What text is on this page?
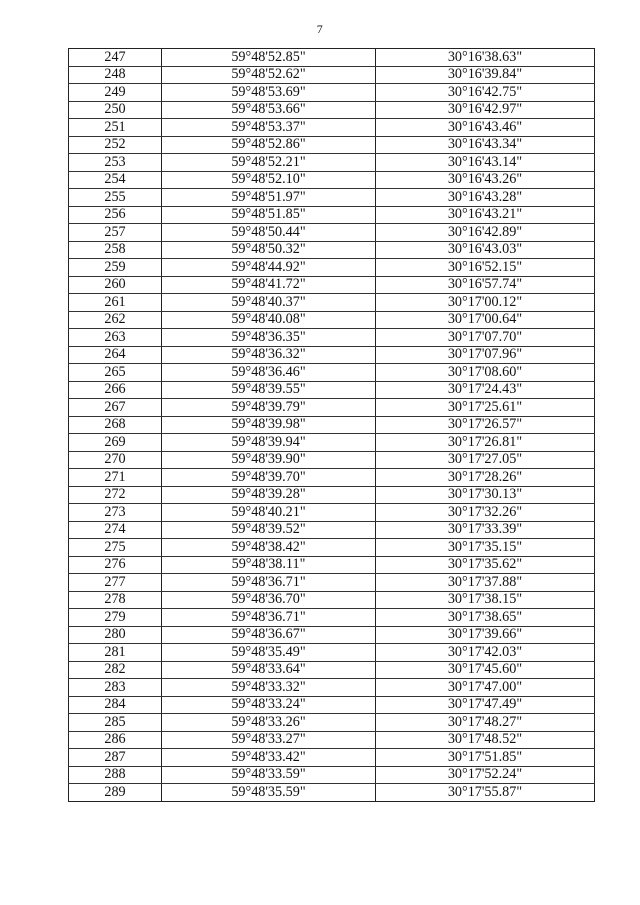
7
247	59°48'52.85"	30°16'38.63"
248	59°48'52.62"	30°16'39.84"
249	59°48'53.69"	30°16'42.75"
250	59°48'53.66"	30°16'42.97"
251	59°48'53.37"	30°16'43.46"
252	59°48'52.86"	30°16'43.34"
253	59°48'52.21"	30°16'43.14"
254	59°48'52.10"	30°16'43.26"
255	59°48'51.97"	30°16'43.28"
256	59°48'51.85"	30°16'43.21"
257	59°48'50.44"	30°16'42.89"
258	59°48'50.32"	30°16'43.03"
259	59°48'44.92"	30°16'52.15"
260	59°48'41.72"	30°16'57.74"
261	59°48'40.37"	30°17'00.12"
262	59°48'40.08"	30°17'00.64"
263	59°48'36.35"	30°17'07.70"
264	59°48'36.32"	30°17'07.96"
265	59°48'36.46"	30°17'08.60"
266	59°48'39.55"	30°17'24.43"
267	59°48'39.79"	30°17'25.61"
268	59°48'39.98"	30°17'26.57"
269	59°48'39.94"	30°17'26.81"
270	59°48'39.90"	30°17'27.05"
271	59°48'39.70"	30°17'28.26"
272	59°48'39.28"	30°17'30.13"
273	59°48'40.21"	30°17'32.26"
274	59°48'39.52"	30°17'33.39"
275	59°48'38.42"	30°17'35.15"
276	59°48'38.11"	30°17'35.62"
277	59°48'36.71"	30°17'37.88"
278	59°48'36.70"	30°17'38.15"
279	59°48'36.71"	30°17'38.65"
280	59°48'36.67"	30°17'39.66"
281	59°48'35.49"	30°17'42.03"
282	59°48'33.64"	30°17'45.60"
283	59°48'33.32"	30°17'47.00"
284	59°48'33.24"	30°17'47.49"
285	59°48'33.26"	30°17'48.27"
286	59°48'33.27"	30°17'48.52"
287	59°48'33.42"	30°17'51.85"
288	59°48'33.59"	30°17'52.24"
289	59°48'35.59"	30°17'55.87"
